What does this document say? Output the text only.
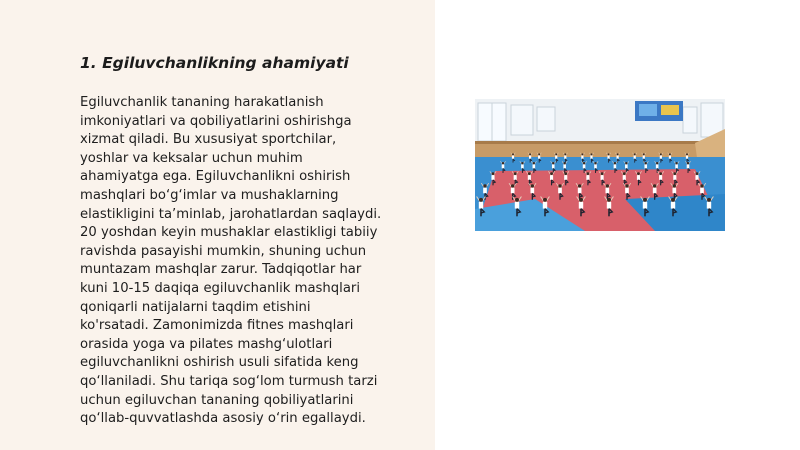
1. Egiluvchanlikning ahamiyati
Egiluvchanlik tananing harakatlanish
imkoniyatlari va qobiliyatlarini oshirishga
xizmat qiladi. Bu xususiyat sportchilar,
yoshlar va keksalar uchun muhim
ahamiyatga ega. Egiluvchanlikni oshirish
mashqlari bo‘g‘imlar va mushaklarning
elastikligini ta’minlab, jarohatlardan saqlaydi.
20 yoshdan keyin mushaklar elastikligi tabiiy
ravishda pasayishi mumkin, shuning uchun
muntazam mashqlar zarur. Tadqiqotlar har
kuni 10-15 daqiqa egiluvchanlik mashqlari
qoniqarli natijalarni taqdim etishini
ko'rsatadi. Zamonimizda fitnes mashqlari
orasida yoga va pilates mashg‘ulotlari
egiluvchanlikni oshirish usuli sifatida keng
qo‘llaniladi. Shu tariqa sog‘lom turmush tarzi
uchun egiluvchan tananing qobiliyatlarini
qo‘llab-quvvatlashda asosiy o‘rin egallaydi.
